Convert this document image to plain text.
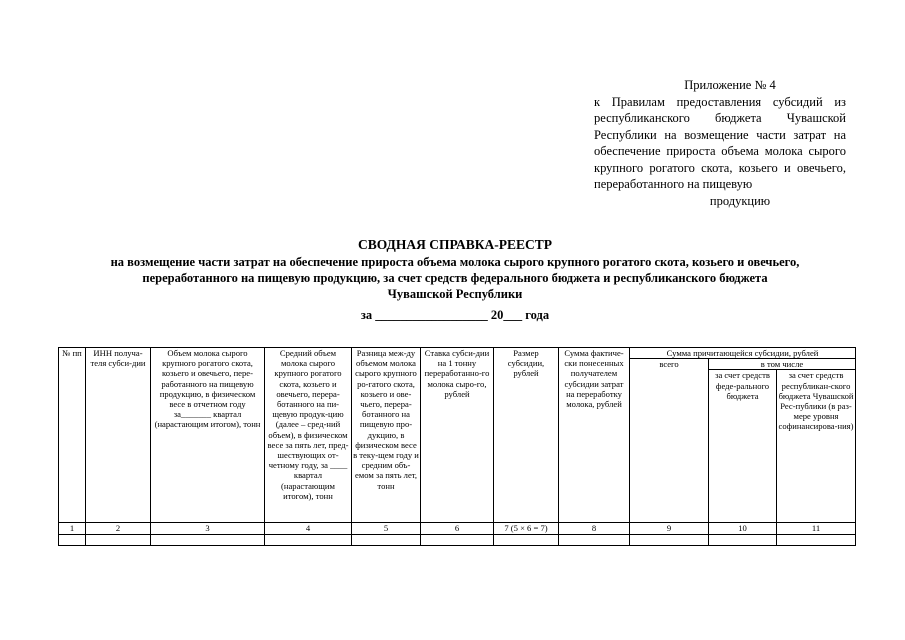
Приложение № 4
к Правилам предоставления субсидий из республиканского бюджета Чувашской Республики на возмещение части затрат на обеспечение прироста объема молока сырого крупного рогатого скота, козьего и овечьего, переработанного на пищевую
продукцию
СВОДНАЯ СПРАВКА-РЕЕСТР
на возмещение части затрат на обеспечение прироста объема молока сырого крупного рогатого скота, козьего и овечьего,
переработанного на пищевую продукцию, за счет средств федерального бюджета и республиканского бюджета
Чувашской Республики
за __________________ 20___ года
№ пп	ИНН получа-теля субси-дии	Объем молока сырого крупного рогатого скота, козьего и овечьего, пере-работанного на пищевую продукцию, в физическом весе в отчетном году за_______ квартал (нарастающим итогом), тонн	Средний объем молока сырого крупного рогатого скота, козьего и овечьего, перера-ботанного на пи-щевую продук-цию (далее – сред-ний объем), в физическом весе за пять лет, пред-шествующих от-четному году, за ____ квартал (нарастающим итогом), тонн	Разница меж-ду объемом молока сырого крупного ро-гатого скота, козьего и ове-чьего, перера-ботанного на пищевую про-дукцию, в физическом весе в теку-щем году и средним объ-емом за пять лет, тонн	Ставка субси-дии на 1 тонну переработанно-го молока сыро-го, рублей	Размер субсидии, рублей	Сумма фактиче-ски понесенных получателем субсидии затрат на переработку молока, рублей	Сумма причитающейся субсидии, рублей		
								всего	в том числе	
									за счет средств феде-рального бюджета	за счет средств республикан-ского бюджета Чувашской Рес-публики (в раз-мере уровня софинансирова-ния)
1	2	3	4	5	6	7 (5 × 6 = 7)	8	9	10	11
